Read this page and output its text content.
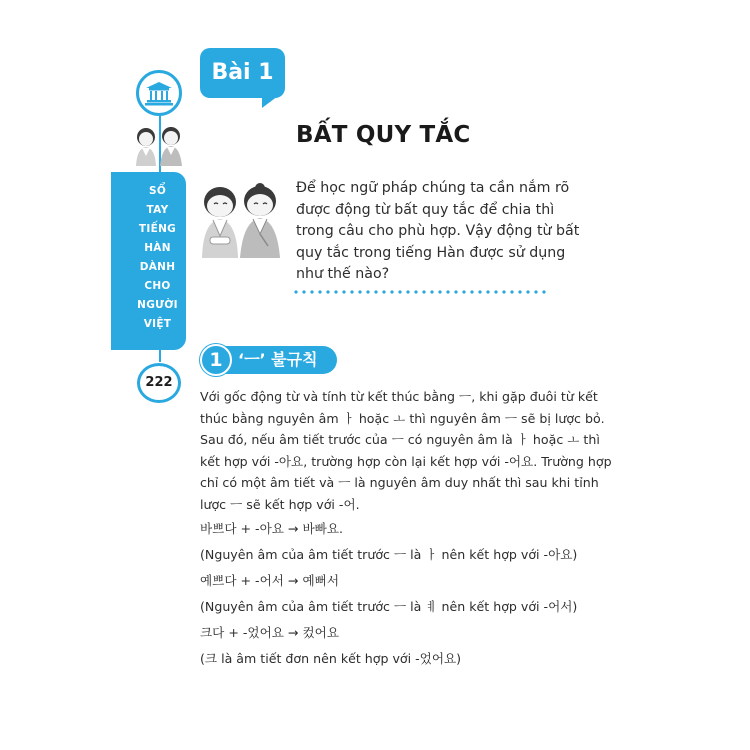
SỔ
TAY
TIẾNG
HÀN
DÀNH
CHO
NGƯỜI
VIỆT
222
Bài 1
BẤT QUY TẮC
Để học ngữ pháp chúng ta cần nắm rõ được động từ bất quy tắc để chia thì trong câu cho phù hợp. Vậy động từ bất quy tắc trong tiếng Hàn được sử dụng như thế nào?
1 ‘ㅡ’ 불규칙
Với gốc động từ và tính từ kết thúc bằng ㅡ, khi gặp đuôi từ kết thúc bằng nguyên âm ㅏ hoặc ㅗ thì nguyên âm ㅡ sẽ bị lược bỏ. Sau đó, nếu âm tiết trước của ㅡ có nguyên âm là ㅏ hoặc ㅗ thì kết hợp với -아요, trường hợp còn lại kết hợp với -어요. Trường hợp chỉ có một âm tiết và ㅡ là nguyên âm duy nhất thì sau khi tỉnh lược ㅡ sẽ kết hợp với -어.
바쁘다 + -아요 → 바빠요.
(Nguyên âm của âm tiết trước ㅡ là ㅏ nên kết hợp với -아요)
예쁘다 + -어서 → 예뻐서
(Nguyên âm của âm tiết trước ㅡ là ㅖ nên kết hợp với -어서)
크다 + -었어요 → 컸어요
(크 là âm tiết đơn nên kết hợp với -었어요)
